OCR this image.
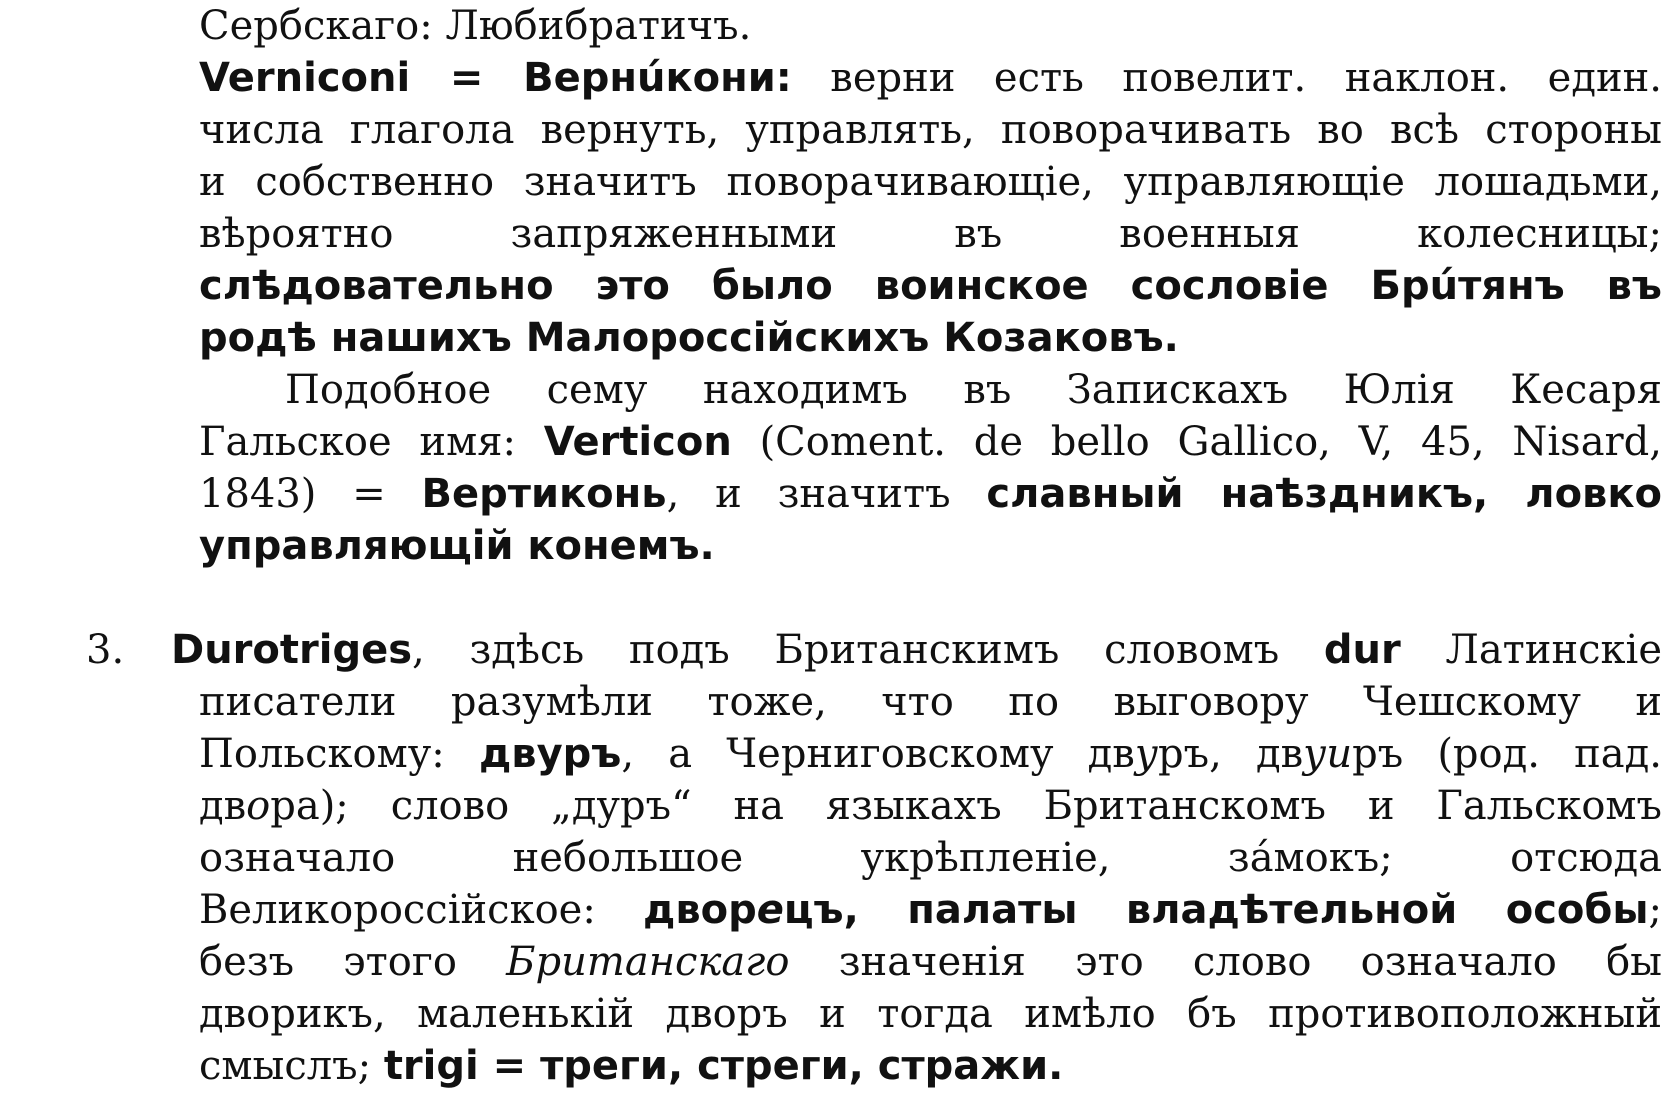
Сербскаго: Любибратичъ.
Verniconi = Вернúкони: верни есть повелит. наклон. един.
числа глагола вернуть, управлять, поворачивать во всѣ стороны
и собственно значитъ поворачивающіе, управляющіе лошадьми,
вѣроятно запряженными въ военныя колесницы;
слѣдовательно это было воинское сословіе Брúтянъ въ
родѣ нашихъ Малороссійскихъ Козаковъ.
Подобное сему находимъ въ Запискахъ Юлія Кесаря
Гальское имя: Verticon (Coment. de bello Gallico, V, 45, Nisard,
1843) = Вертиконь, и значитъ славный наѣздникъ, ловко
управляющій конемъ.
3. Durotriges, здѣсь подъ Британскимъ словомъ dur Латинскіе
писатели разумѣли тоже, что по выговору Чешскому и
Польскому: двуръ, а Черниговскому двуръ, двуиръ (род. пад.
двора); слово „дуръ“ на языкахъ Британскомъ и Гальскомъ
означало небольшое укрѣпленіе, зáмокъ; отсюда
Великороссійское: дворецъ, палаты владѣтельной особы;
безъ этого Британскаго значенія это слово означало бы
дворикъ, маленькій дворъ и тогда имѣло бъ противоположный
смыслъ; trigi = треги, стреги, стражи.
